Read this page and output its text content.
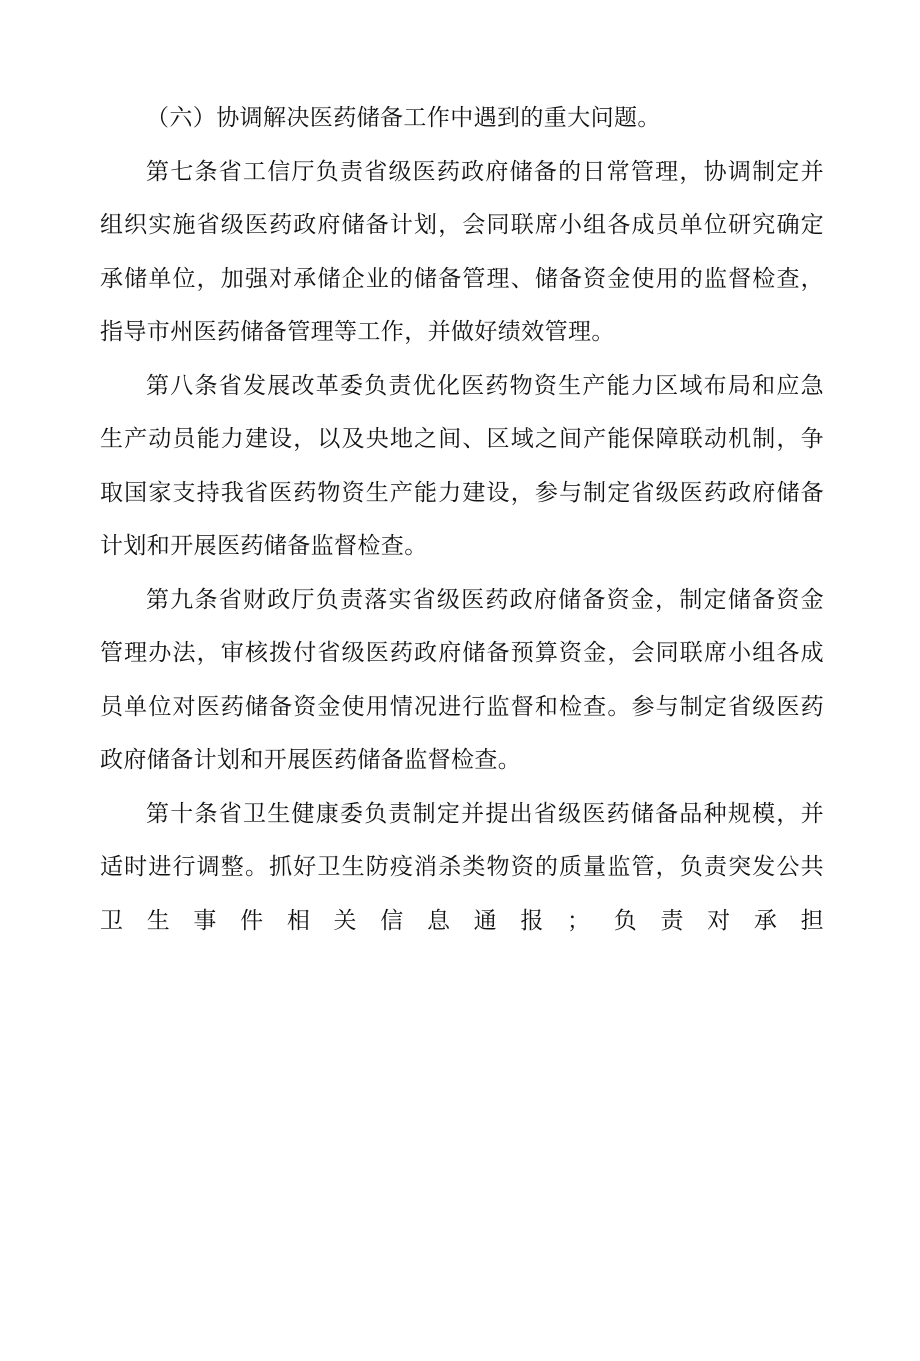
（六）协调解决医药储备工作中遇到的重大问题。

第七条省工信厅负责省级医药政府储备的日常管理，协调制定并组织实施省级医药政府储备计划，会同联席小组各成员单位研究确定承储单位，加强对承储企业的储备管理、储备资金使用的监督检查，指导市州医药储备管理等工作，并做好绩效管理。

第八条省发展改革委负责优化医药物资生产能力区域布局和应急生产动员能力建设，以及央地之间、区域之间产能保障联动机制，争取国家支持我省医药物资生产能力建设，参与制定省级医药政府储备计划和开展医药储备监督检查。

第九条省财政厅负责落实省级医药政府储备资金，制定储备资金管理办法，审核拨付省级医药政府储备预算资金，会同联席小组各成员单位对医药储备资金使用情况进行监督和检查。参与制定省级医药政府储备计划和开展医药储备监督检查。

第十条省卫生健康委负责制定并提出省级医药储备品种规模，并适时进行调整。抓好卫生防疫消杀类物资的质量监管，负责突发公共卫生事件相关信息通报；负责对承担
